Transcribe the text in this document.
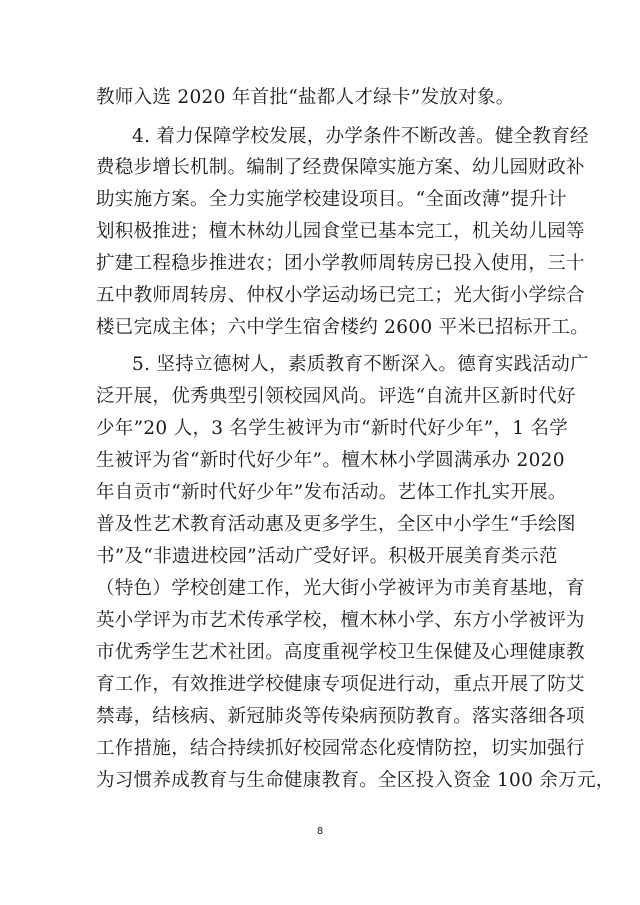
教师入选 2020 年首批“盐都人才绿卡”发放对象。
4. 着力保障学校发展，办学条件不断改善。健全教育经
费稳步增长机制。编制了经费保障实施方案、幼儿园财政补
助实施方案。全力实施学校建设项目。“全面改薄”提升计
划积极推进；檀木林幼儿园食堂已基本完工，机关幼儿园等
扩建工程稳步推进农；团小学教师周转房已投入使用，三十
五中教师周转房、仲权小学运动场已完工；光大街小学综合
楼已完成主体；六中学生宿舍楼约 2600 平米已招标开工。
5. 坚持立德树人，素质教育不断深入。德育实践活动广
泛开展，优秀典型引领校园风尚。评选“自流井区新时代好
少年”20 人，3 名学生被评为市“新时代好少年”，1 名学
生被评为省“新时代好少年”。檀木林小学圆满承办 2020
年自贡市“新时代好少年”发布活动。艺体工作扎实开展。
普及性艺术教育活动惠及更多学生，全区中小学生“手绘图
书”及“非遗进校园”活动广受好评。积极开展美育类示范
（特色）学校创建工作，光大街小学被评为市美育基地，育
英小学评为市艺术传承学校，檀木林小学、东方小学被评为
市优秀学生艺术社团。高度重视学校卫生保健及心理健康教
育工作，有效推进学校健康专项促进行动，重点开展了防艾
禁毒，结核病、新冠肺炎等传染病预防教育。落实落细各项
工作措施，结合持续抓好校园常态化疫情防控，切实加强行
为习惯养成教育与生命健康教育。全区投入资金 100 余万元，
8
